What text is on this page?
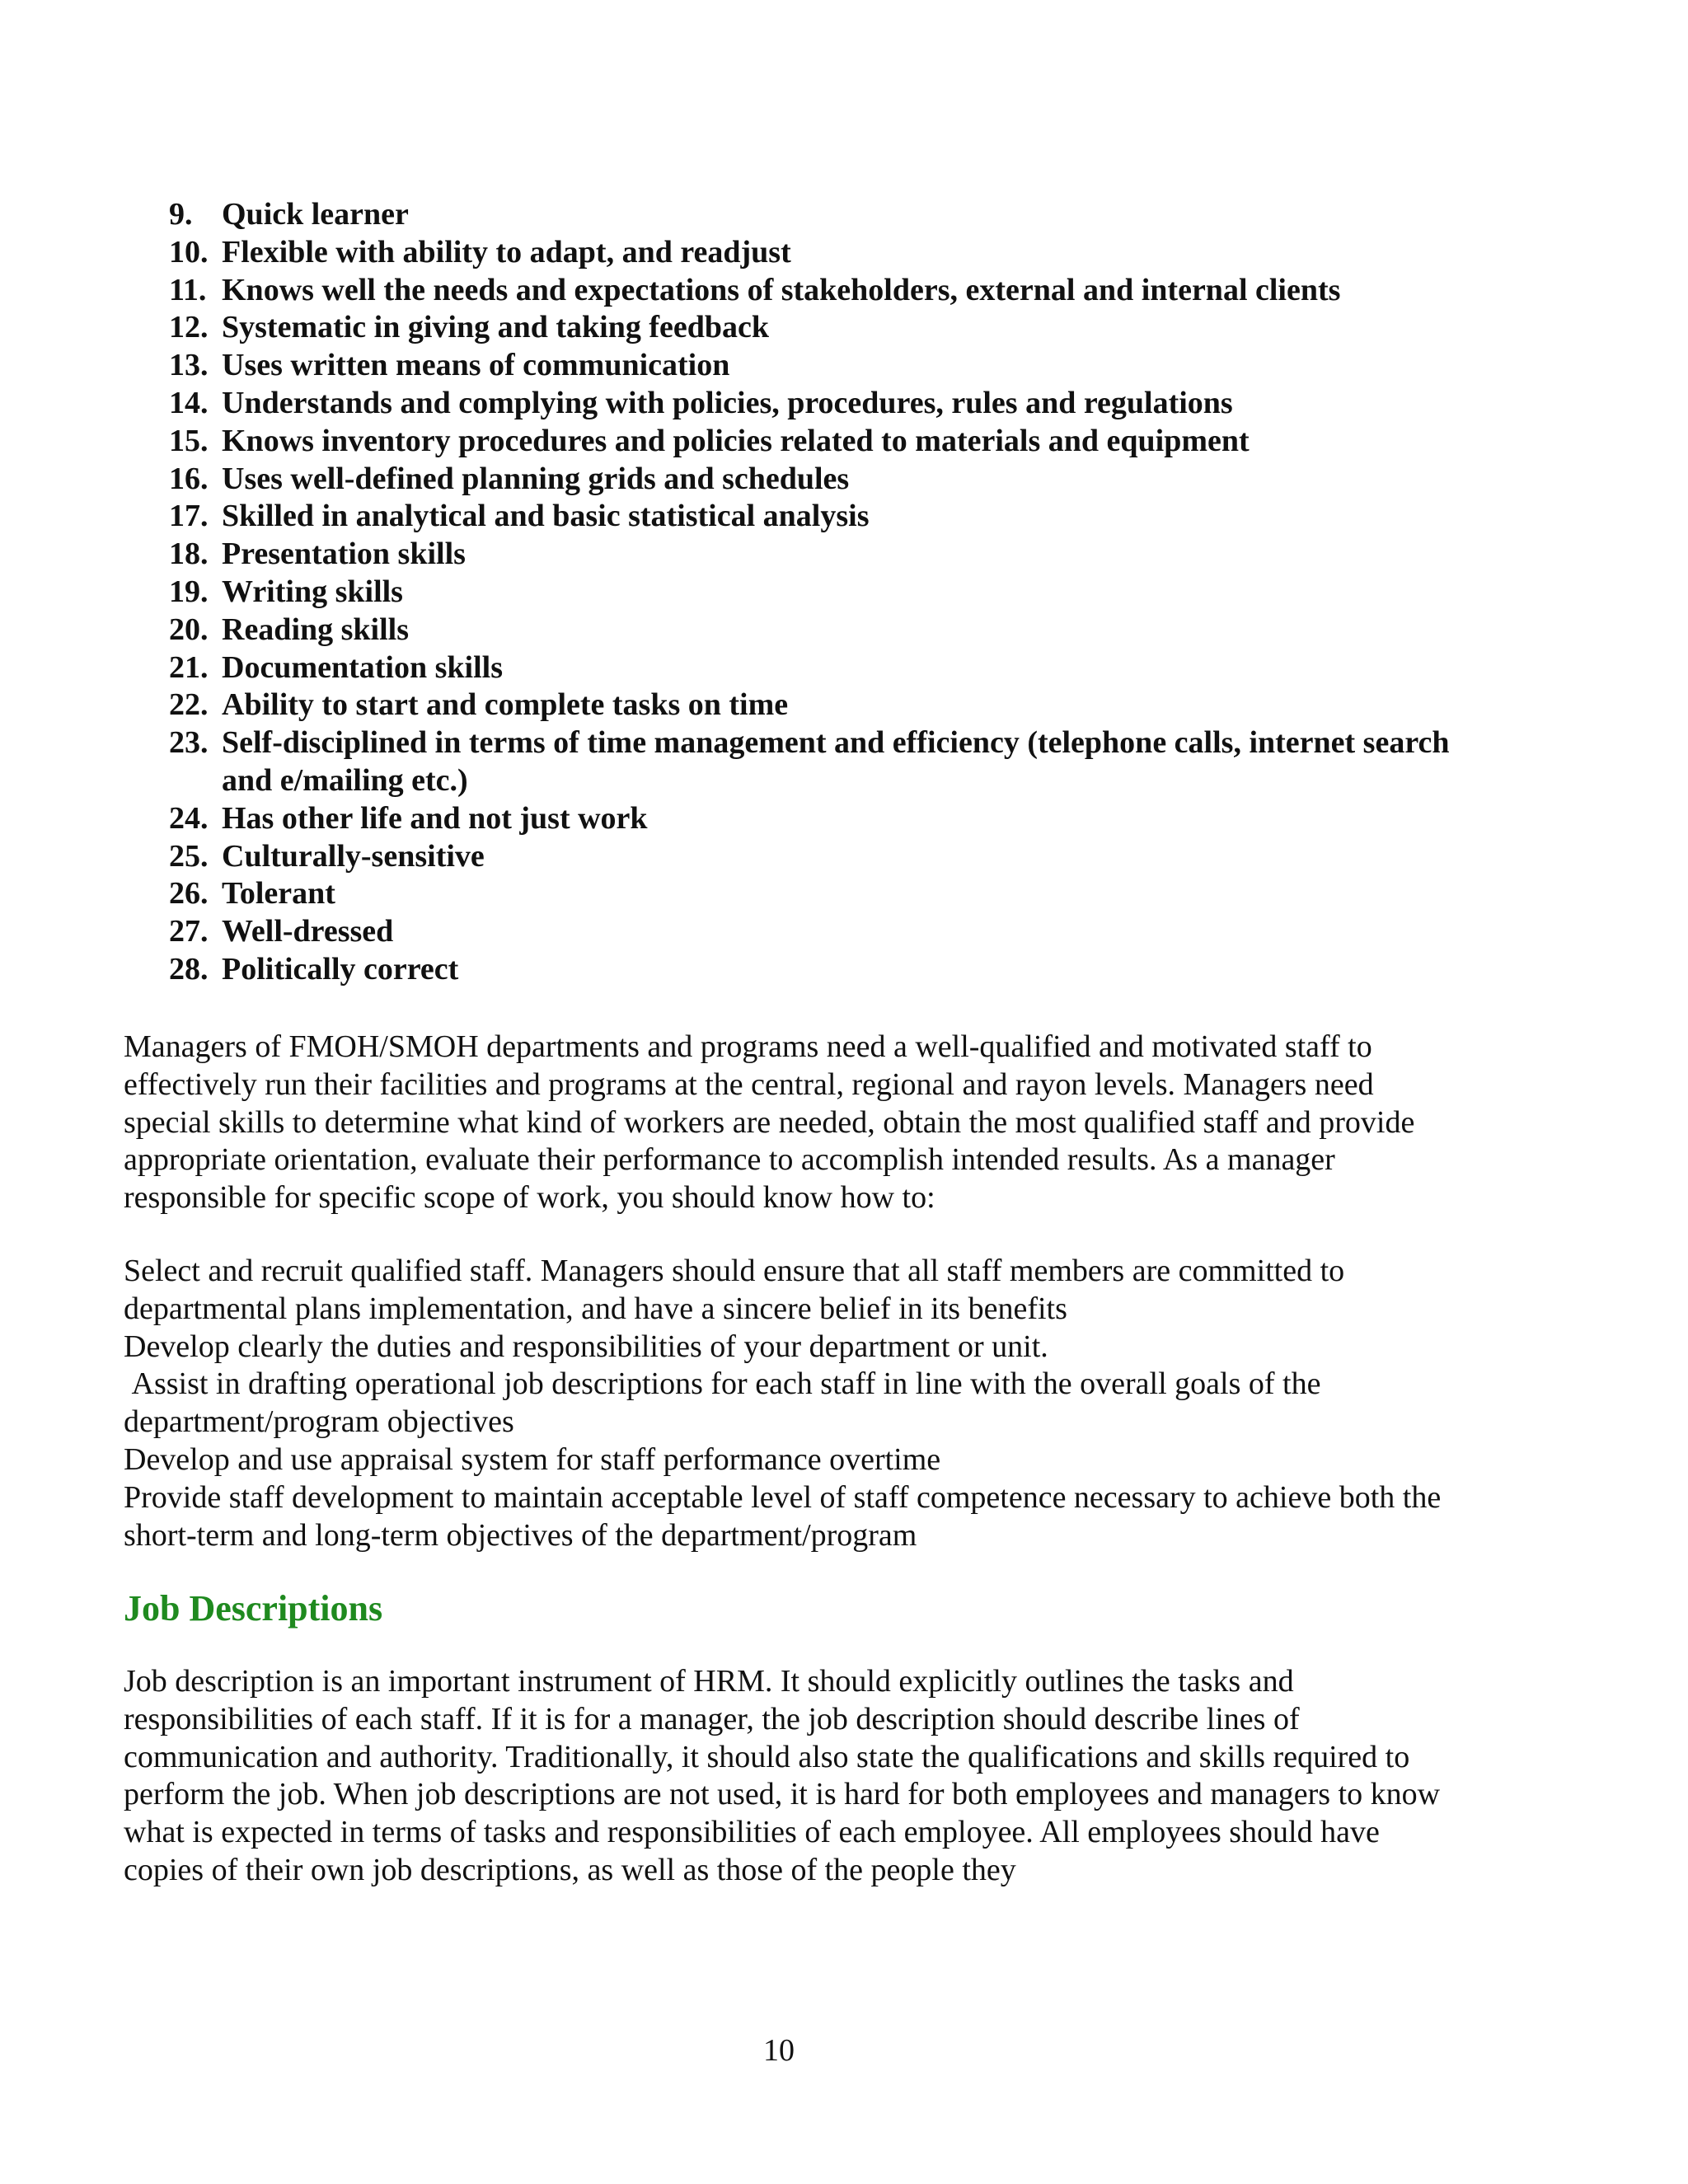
9. Quick learner
10. Flexible with ability to adapt, and readjust
11. Knows well the needs and expectations of stakeholders, external and internal clients
12. Systematic in giving and taking feedback
13. Uses written means of communication
14. Understands and complying with policies, procedures, rules and regulations
15. Knows inventory procedures and policies related to materials and equipment
16. Uses well-defined planning grids and schedules
17. Skilled in analytical and basic statistical analysis
18. Presentation skills
19. Writing skills
20. Reading skills
21. Documentation skills
22. Ability to start and complete tasks on time
23. Self-disciplined in terms of time management and efficiency (telephone calls, internet search and e/mailing etc.)
24. Has other life and not just work
25. Culturally-sensitive
26. Tolerant
27. Well-dressed
28. Politically correct

Managers of FMOH/SMOH departments and programs need a well-qualified and motivated staff to effectively run their facilities and programs at the central, regional and rayon levels. Managers need special skills to determine what kind of workers are needed, obtain the most qualified staff and provide appropriate orientation, evaluate their performance to accomplish intended results. As a manager responsible for specific scope of work, you should know how to:

Select and recruit qualified staff. Managers should ensure that all staff members are committed to departmental plans implementation, and have a sincere belief in its benefits

Develop clearly the duties and responsibilities of your department or unit.

Assist in drafting operational job descriptions for each staff in line with the overall goals of the department/program objectives

Develop and use appraisal system for staff performance overtime

Provide staff development to maintain acceptable level of staff competence necessary to achieve both the short-term and long-term objectives of the department/program

Job Descriptions

Job description is an important instrument of HRM. It should explicitly outlines the tasks and responsibilities of each staff. If it is for a manager, the job description should describe lines of communication and authority. Traditionally, it should also state the qualifications and skills required to perform the job. When job descriptions are not used, it is hard for both employees and managers to know what is expected in terms of tasks and responsibilities of each employee. All employees should have copies of their own job descriptions, as well as those of the people they

10
